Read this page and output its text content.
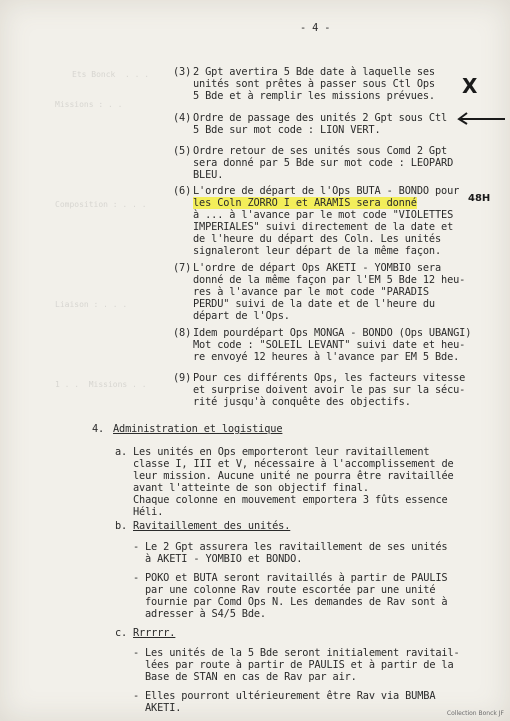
Ets Bonck  . . .
Missions : . .
Composition : . . .
Liaison : . . .
1 . .  Missions . .
- 4 -
(3) 2 Gpt avertira 5 Bde date à laquelle ses
unités sont prêtes à passer sous Ctl Ops
5 Bde et à remplir les missions prévues. X
(4) Ordre de passage des unités 2 Gpt sous Ctl
5 Bde sur mot code : LION VERT.
(5) Ordre retour de ses unités sous Comd 2 Gpt
sera donné par 5 Bde sur mot code : LEOPARD
BLEU.
(6) L'ordre de départ de l'Ops BUTA - BONDO pour
les Coln ZORRO I et ARAMIS sera donné
à ... à l'avance par le mot code "VIOLETTES
IMPERIALES" suivi directement de la date et
de l'heure du départ des Coln. Les unités
signaleront leur départ de la même façon.
48H
(7) L'ordre de départ Ops AKETI - YOMBIO sera
donné de la même façon par l'EM 5 Bde 12 heu-
res à l'avance par le mot code "PARADIS
PERDU" suivi de la date et de l'heure du
départ de l'Ops.
(8) Idem pourdépart Ops MONGA - BONDO (Ops UBANGI)
Mot code : "SOLEIL LEVANT" suivi date et heu-
re envoyé 12 heures à l'avance par EM 5 Bde.
(9) Pour ces différents Ops, les facteurs vitesse
et surprise doivent avoir le pas sur la sécu-
rité jusqu'à conquête des objectifs.
4. Administration et logistique
a. Les unités en Ops emporteront leur ravitaillement
classe I, III et V, nécessaire à l'accomplissement de
leur mission. Aucune unité ne pourra être ravitaillée
avant l'atteinte de son objectif final.
Chaque colonne en mouvement emportera 3 fûts essence
Héli.
b. Ravitaillement des unités.
- Le 2 Gpt assurera les ravitaillement de ses unités
à AKETI - YOMBIO et BONDO.
- POKO et BUTA seront ravitaillés à partir de PAULIS
par une colonne Rav route escortée par une unité
fournie par Comd Ops N. Les demandes de Rav sont à
adresser à S4/5 Bde.
c. Rrrrrr.
- Les unités de la 5 Bde seront initialement ravitail-
lées par route à partir de PAULIS et à partir de la
Base de STAN en cas de Rav par air.
- Elles pourront ultérieurement être Rav via BUMBA
AKETI.	Collection Bonck JF
